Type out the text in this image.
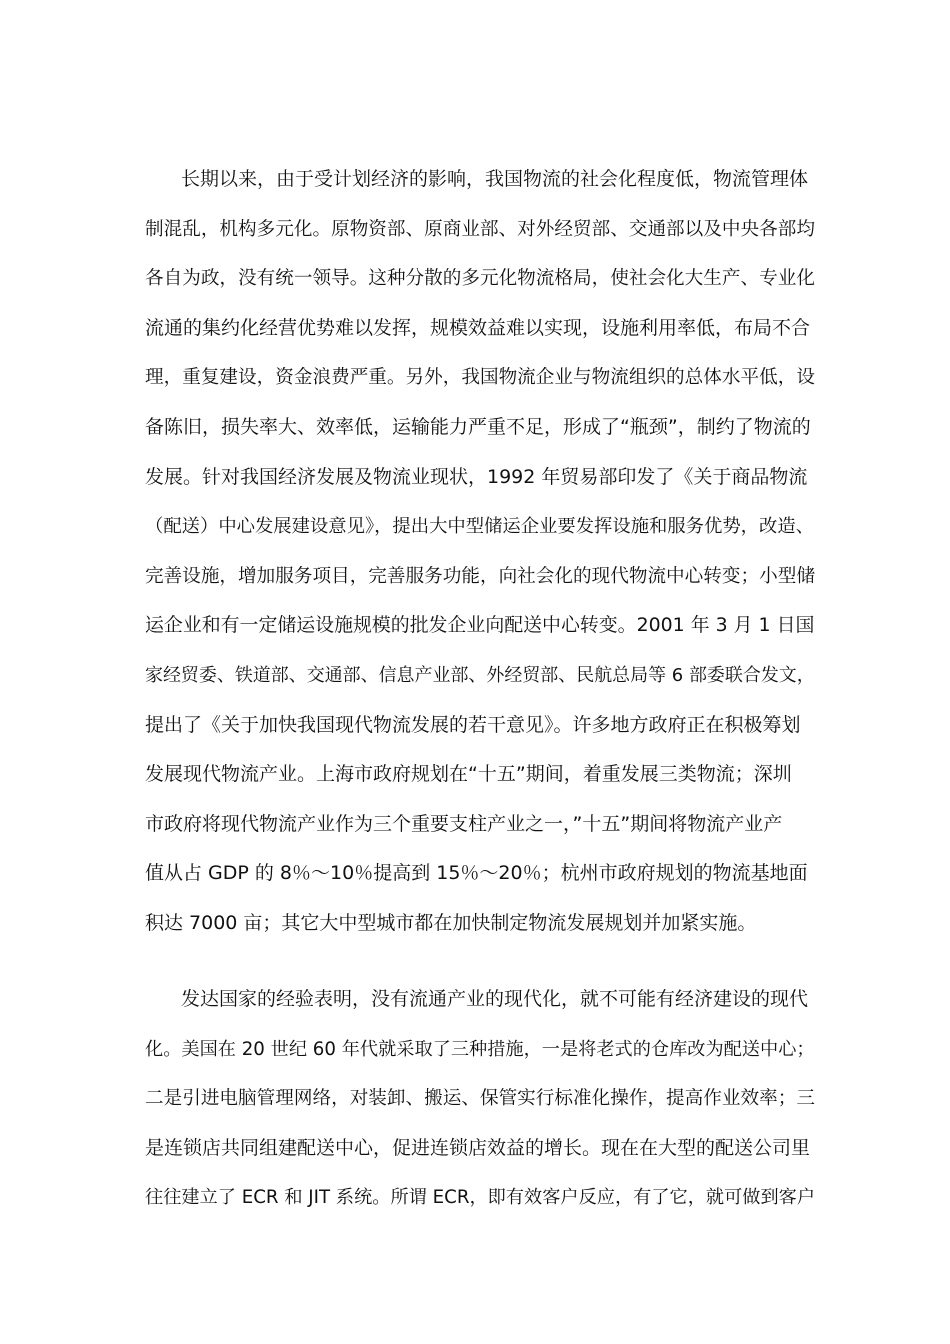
长期以来，由于受计划经济的影响，我国物流的社会化程度低，物流管理体
制混乱，机构多元化。原物资部、原商业部、对外经贸部、交通部以及中央各部均
各自为政，没有统一领导。这种分散的多元化物流格局，使社会化大生产、专业化
流通的集约化经营优势难以发挥，规模效益难以实现，设施利用率低，布局不合
理，重复建设，资金浪费严重。另外，我国物流企业与物流组织的总体水平低，设
备陈旧，损失率大、效率低，运输能力严重不足，形成了“瓶颈”，制约了物流的
发展。针对我国经济发展及物流业现状，1992 年贸易部印发了《关于商品物流
（配送）中心发展建设意见》，提出大中型储运企业要发挥设施和服务优势，改造、
完善设施，增加服务项目，完善服务功能，向社会化的现代物流中心转变；小型储
运企业和有一定储运设施规模的批发企业向配送中心转变。2001 年 3 月 1 日国
家经贸委、铁道部、交通部、信息产业部、外经贸部、民航总局等 6 部委联合发文，
提出了《关于加快我国现代物流发展的若干意见》。许多地方政府正在积极筹划
发展现代物流产业。上海市政府规划在“十五”期间，着重发展三类物流；深圳
市政府将现代物流产业作为三个重要支柱产业之一，”十五”期间将物流产业产
值从占 GDP 的 8％～10％提高到 15％～20％；杭州市政府规划的物流基地面
积达 7000 亩；其它大中型城市都在加快制定物流发展规划并加紧实施。
发达国家的经验表明，没有流通产业的现代化，就不可能有经济建设的现代
化。美国在 20 世纪 60 年代就采取了三种措施，一是将老式的仓库改为配送中心；
二是引进电脑管理网络，对装卸、搬运、保管实行标准化操作，提高作业效率；三
是连锁店共同组建配送中心，促进连锁店效益的增长。现在在大型的配送公司里
往往建立了 ECR 和 JIT 系统。所谓 ECR，即有效客户反应，有了它，就可做到客户
